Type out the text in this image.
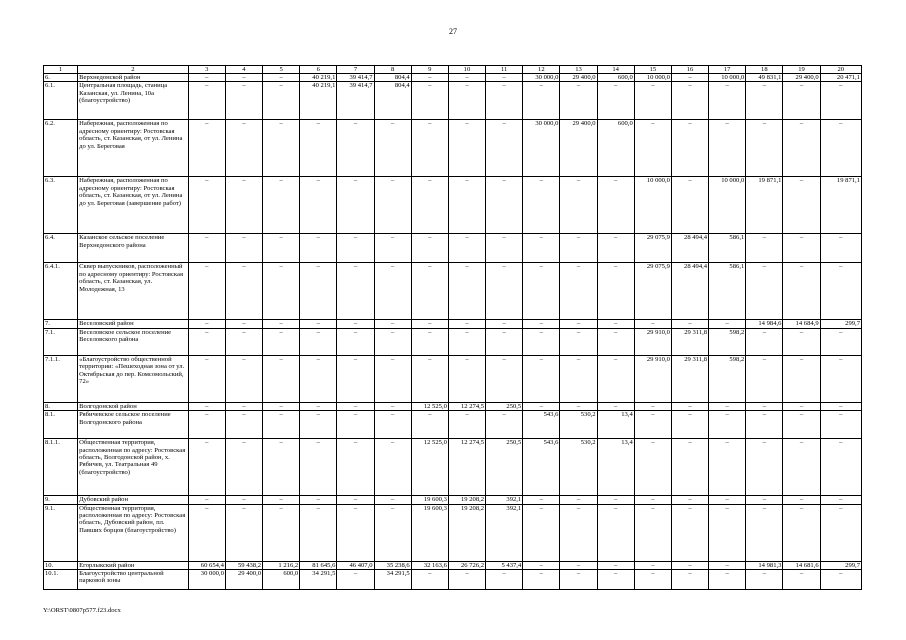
27
1	2	3	4	5	6	7	8	9	10	11	12	13	14	15	16	17	18	19	20
6.	Верхнедонской район	–	–	–	40 219,1	39 414,7	804,4	–	–	–	30 000,0	29 400,0	600,0	10 000,0	–	10 000,0	49 831,1	29 400,0	20 471,1
6.1.	Центральная площадь, станица Казанская, ул. Ленина, 10а (благоустройство)	–	–	–	40 219,1	39 414,7	804,4	–	–	–	–	–	–	–	–	–	–	–	–
6.2.	Набережная, расположенная по адресному ориентиру: Ростовская область, ст. Казанская, от ул. Ленина до ул. Береговая	–	–	–	–	–	–	–	–	–	30 000,0	29 400,0	600,0	–	–	–	–	–	–
6.3.	Набережная, расположенная по адресному ориентиру: Ростовская область, ст. Казанская, от ул. Ленина до ул. Береговая (завершение работ)	–	–	–	–	–	–	–	–	–	–	–	–	10 000,0	–	10 000,0	19 871,1	–	19 871,1
6.4.	Казанское сельское поселение Верхнедонского района	–	–	–	–	–	–	–	–	–	–	–	–	29 075,9	28 494,4	586,1	–	–	–
6.4.1.	Сквер выпускников, расположенный по адресному ориентиру: Ростовская область, ст. Казанская, ул. Молодежная, 13	–	–	–	–	–	–	–	–	–	–	–	–	29 075,9	28 494,4	586,1	–	–	–
7.	Веселовский район	–	–	–	–	–	–	–	–	–	–	–	–	–	–	–	14 984,6	14 684,9	299,7
7.1.	Веселовское сельское поселение Веселовского района	–	–	–	–	–	–	–	–	–	–	–	–	29 910,0	29 311,8	598,2	–	–	–
7.1.1.	«Благоустройство общественной территории: «Пешеходная зона от ул. Октябрьская до пер. Комсомольский, 72»	–	–	–	–	–	–	–	–	–	–	–	–	29 910,0	29 311,8	598,2	–	–	–
8.	Волгодонской район	–	–	–	–	–	–	12 525,0	12 274,5	250,5	–	–	–	–	–	–	–	–	–
8.1.	Рябичевское сельское поселение Волгодонского района	–	–	–	–	–	–	–	–	–	543,6	530,2	13,4	–	–	–	–	–	–
8.1.1.	Общественная территория, расположенная по адресу: Ростовская область, Волгодонской район, х. Рябичев, ул. Театральная 49 (благоустройство)	–	–	–	–	–	–	12 525,0	12 274,5	250,5	543,6	530,2	13,4	–	–	–	–	–	–
9.	Дубовский район	–	–	–	–	–	–	19 600,3	19 208,2	392,1	–	–	–	–	–	–	–	–	–
9.1.	Общественная территория, расположенная по адресу: Ростовская область, Дубовский район, пл. Павших борцов (благоустройство)	–	–	–	–	–	–	19 600,3	19 208,2	392,1	–	–	–	–	–	–	–	–	–
10.	Егорлыкский район	60 654,4	59 438,2	1 216,2	81 645,6	46 407,0	35 238,6	32 163,6	26 726,2	5 437,4	–	–	–	–	–	–	14 981,3	14 681,6	299,7
10.1.	Благоустройство центральной парковой зоны	30 000,0	29 400,0	600,0	34 291,5	–	34 291,5	–	–	–	–	–	–	–	–	–	–	–	–
Y:\ORST\0807p577.f23.docx
